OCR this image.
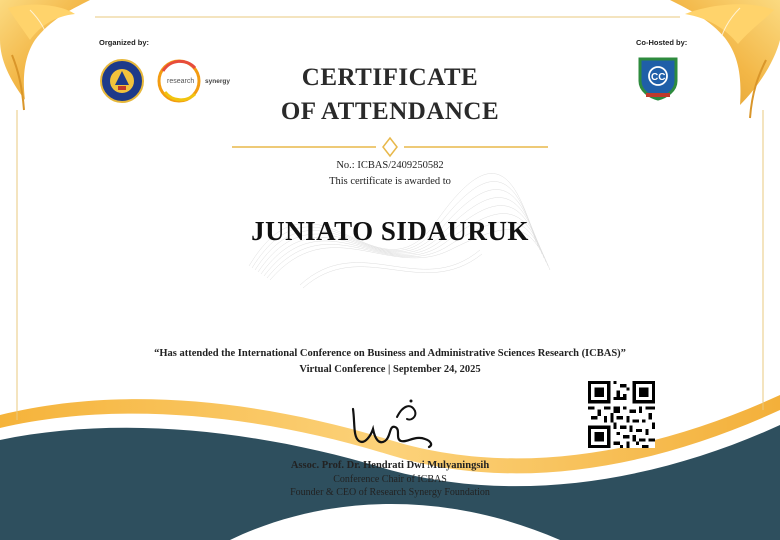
Organized by:
research synergy
Co-Hosted by:
CC
CERTIFICATE
OF ATTENDANCE
No.: ICBAS/2409250582
This certificate is awarded to
JUNIATO SIDAURUK
“Has attended the International Conference on Business and Administrative Sciences Research (ICBAS)”
Virtual Conference | September 24, 2025
Assoc. Prof. Dr. Hendrati Dwi Mulyaningsih
Conference Chair of ICBAS
Founder & CEO of Research Synergy Foundation
